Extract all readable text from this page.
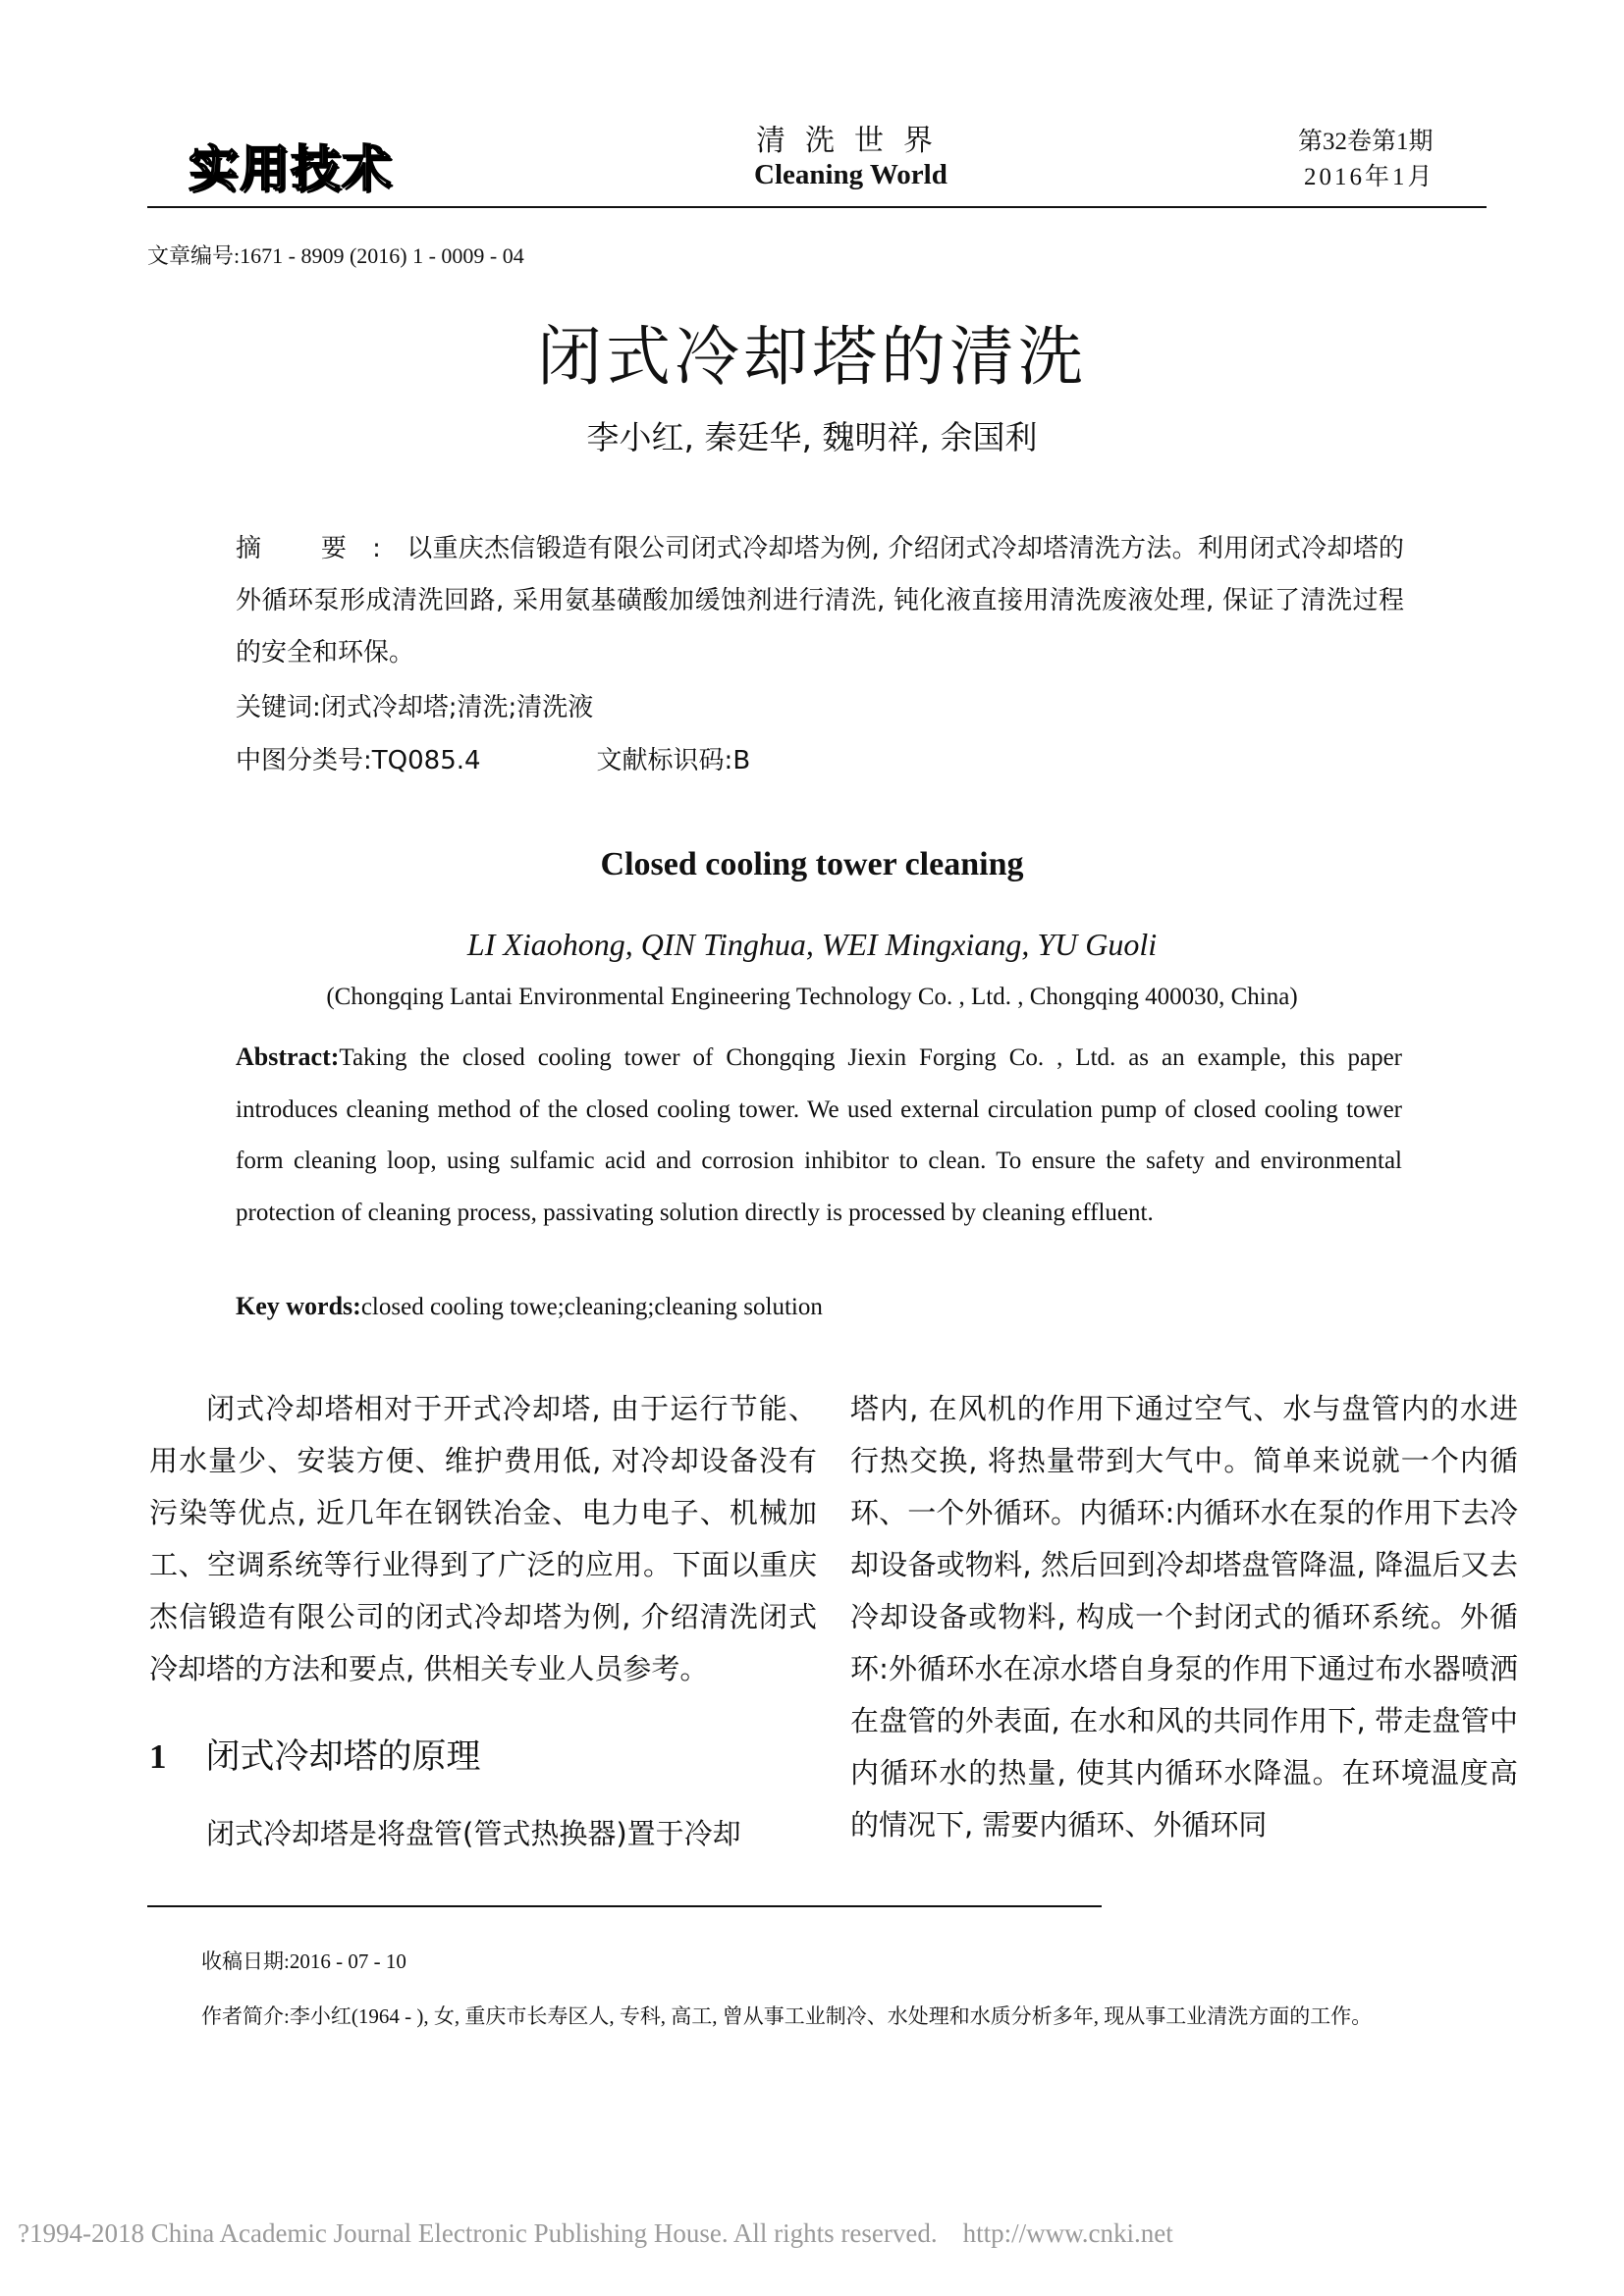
实用技术	清洗世界
Cleaning World
第32卷第1期
2016年1月
文章编号:1671 - 8909 (2016) 1 - 0009 - 04
闭式冷却塔的清洗
李小红, 秦廷华, 魏明祥, 余国利
摘 要:以重庆杰信锻造有限公司闭式冷却塔为例, 介绍闭式冷却塔清洗方法。利用闭式冷却塔的外循环泵形成清洗回路, 采用氨基磺酸加缓蚀剂进行清洗, 钝化液直接用清洗废液处理, 保证了清洗过程的安全和环保。
关键词:闭式冷却塔;清洗;清洗液
中图分类号:TQ085.4	文献标识码:B
Closed cooling tower cleaning
LI Xiaohong, QIN Tinghua, WEI Mingxiang, YU Guoli
(Chongqing Lantai Environmental Engineering Technology Co. , Ltd. , Chongqing 400030, China)
Abstract:Taking the closed cooling tower of Chongqing Jiexin Forging Co. , Ltd. as an example, this paper introduces cleaning method of the closed cooling tower. We used external circulation pump of closed cooling tower form cleaning loop, using sulfamic acid and corrosion inhibitor to clean. To ensure the safety and environmental protection of cleaning process, passivating solution directly is processed by cleaning effluent.
Key words:closed cooling towe;cleaning;cleaning solution

闭式冷却塔相对于开式冷却塔, 由于运行节能、用水量少、安装方便、维护费用低, 对冷却设备没有污染等优点, 近几年在钢铁冶金、电力电子、机械加工、空调系统等行业得到了广泛的应用。下面以重庆杰信锻造有限公司的闭式冷却塔为例, 介绍清洗闭式冷却塔的方法和要点, 供相关专业人员参考。

1 闭式冷却塔的原理

闭式冷却塔是将盘管(管式热换器)置于冷却

塔内, 在风机的作用下通过空气、水与盘管内的水进行热交换, 将热量带到大气中。简单来说就一个内循环、一个外循环。内循环:内循环水在泵的作用下去冷却设备或物料, 然后回到冷却塔盘管降温, 降温后又去冷却设备或物料, 构成一个封闭式的循环系统。外循环:外循环水在凉水塔自身泵的作用下通过布水器喷洒在盘管的外表面, 在水和风的共同作用下, 带走盘管中内循环水的热量, 使其内循环水降温。在环境温度高的情况下, 需要内循环、外循环同

收稿日期:2016 - 07 - 10
作者简介:李小红(1964 - ), 女, 重庆市长寿区人, 专科, 高工, 曾从事工业制冷、水处理和水质分析多年, 现从事工业清洗方面的工作。
?1994-2018 China Academic Journal Electronic Publishing House. All rights reserved. http://www.cnki.net
